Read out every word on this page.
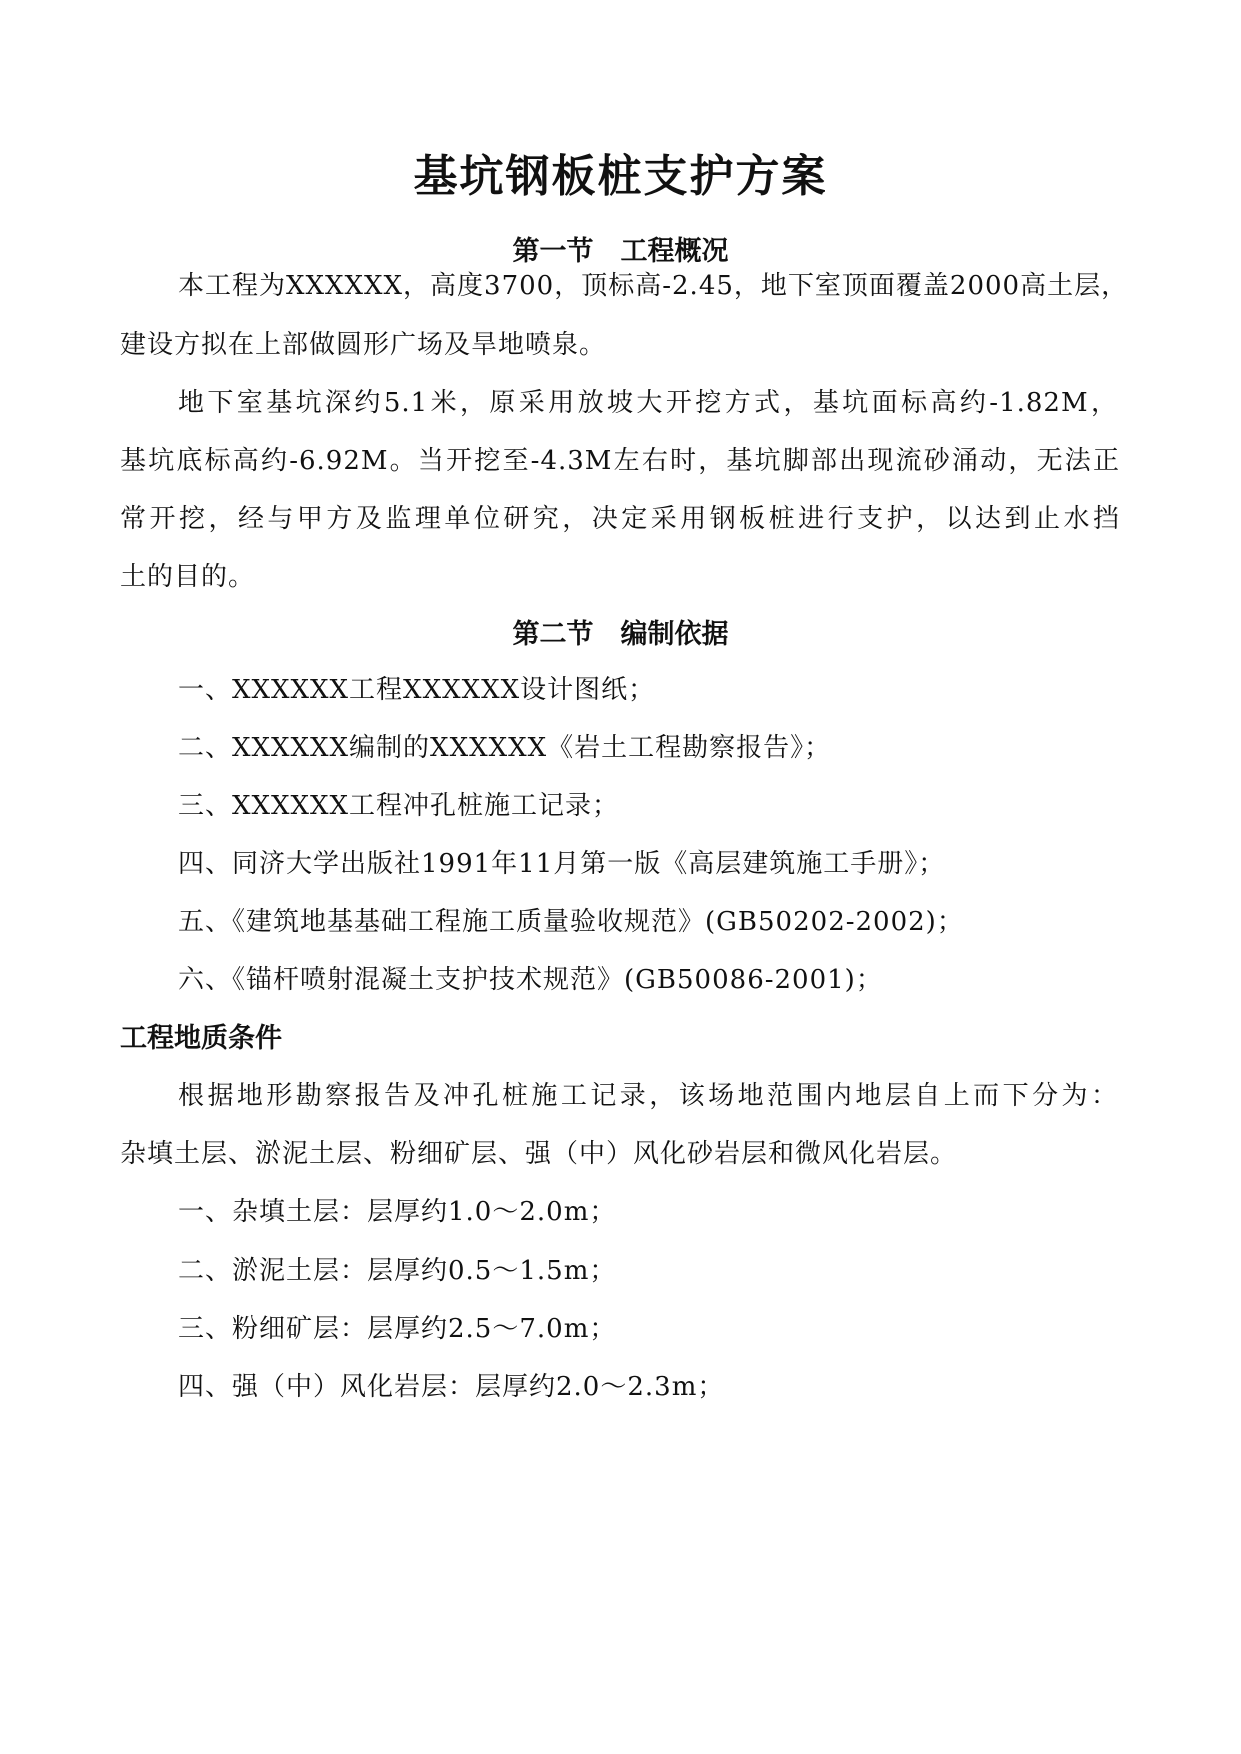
基坑钢板桩支护方案
第一节　工程概况
本工程为XXXXXX，高度3700，顶标高-2.45，地下室顶面覆盖2000高土层，
建设方拟在上部做圆形广场及旱地喷泉。
地下室基坑深约5.1米，原采用放坡大开挖方式，基坑面标高约-1.82M，
基坑底标高约-6.92M。当开挖至-4.3M左右时，基坑脚部出现流砂涌动，无法正
常开挖，经与甲方及监理单位研究，决定采用钢板桩进行支护，以达到止水挡
土的目的。
第二节　编制依据
一、XXXXXX工程XXXXXX设计图纸；
二、XXXXXX编制的XXXXXX《岩土工程勘察报告》；
三、XXXXXX工程冲孔桩施工记录；
四、同济大学出版社1991年11月第一版《高层建筑施工手册》；
五、《建筑地基基础工程施工质量验收规范》(GB50202-2002)；
六、《锚杆喷射混凝土支护技术规范》(GB50086-2001)；
工程地质条件
根据地形勘察报告及冲孔桩施工记录，该场地范围内地层自上而下分为：
杂填土层、淤泥土层、粉细矿层、强（中）风化砂岩层和微风化岩层。
一、杂填土层：层厚约1.0～2.0m；
二、淤泥土层：层厚约0.5～1.5m；
三、粉细矿层：层厚约2.5～7.0m；
四、强（中）风化岩层：层厚约2.0～2.3m；
